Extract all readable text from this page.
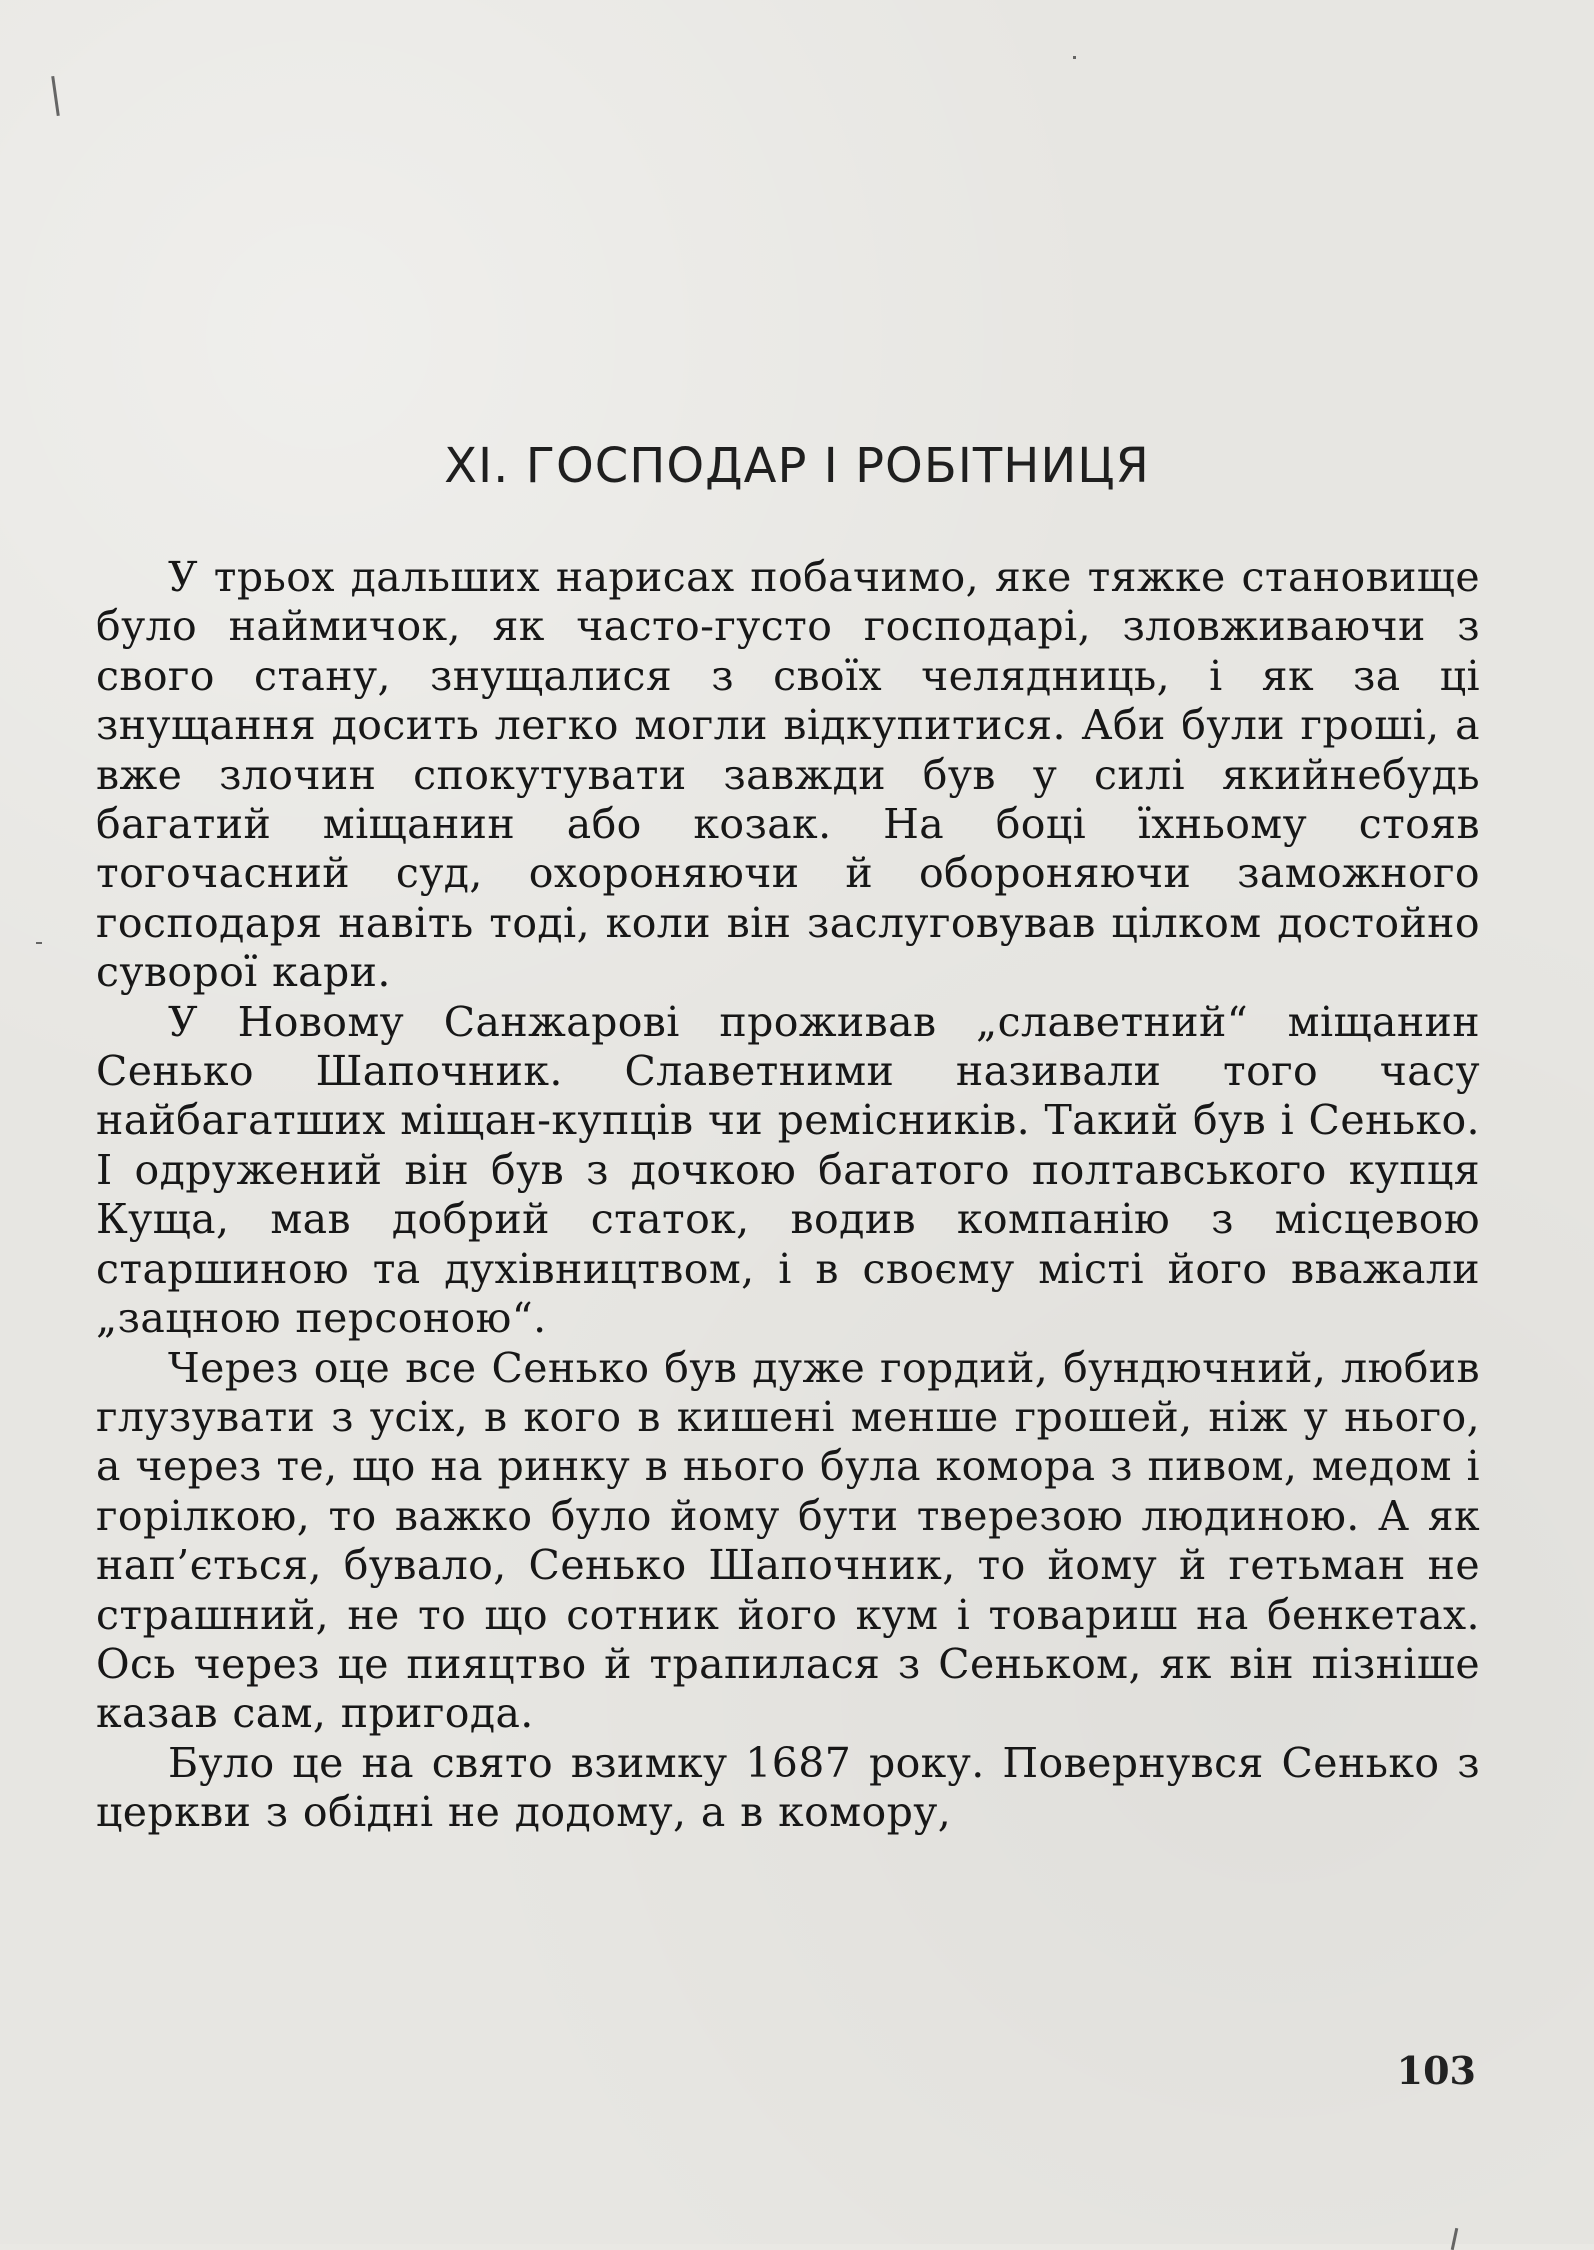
XI. ГОСПОДАР І РОБІТНИЦЯ

У трьох дальших нарисах побачимо, яке тяжке становище було наймичок, як часто-густо господарі, зловживаючи з свого стану, знущалися з своїх челядниць, і як за ці знущання досить легко могли відкупитися. Аби були гроші, а вже злочин спокутувати завжди був у силі якийнебудь багатий міщанин або козак. На боці їхньому стояв тогочасний суд, охороняючи й обороняючи заможного господаря навіть тоді, коли він заслуговував цілком достойно суворої кари.

У Новому Санжарові проживав „славетний“ міщанин Сенько Шапочник. Славетними називали того часу найбагатших міщан-купців чи ремісників. Такий був і Сенько. І одружений він був з дочкою багатого полтавського купця Куща, мав добрий статок, водив компанію з місцевою старшиною та духівництвом, і в своєму місті його вважали „зацною персоною“.

Через оце все Сенько був дуже гордий, бундючний, любив глузувати з усіх, в кого в кишені менше грошей, ніж у нього, а через те, що на ринку в нього була комора з пивом, медом і горілкою, то важко було йому бути тверезою людиною. А як нап’ється, бувало, Сенько Шапочник, то йому й гетьман не страшний, не то що сотник його кум і товариш на бенкетах. Ось через це пияцтво й трапилася з Сеньком, як він пізніше казав сам, пригода.

Було це на свято взимку 1687 року. Повернувся Сенько з церкви з обідні не додому, а в комору,

103
